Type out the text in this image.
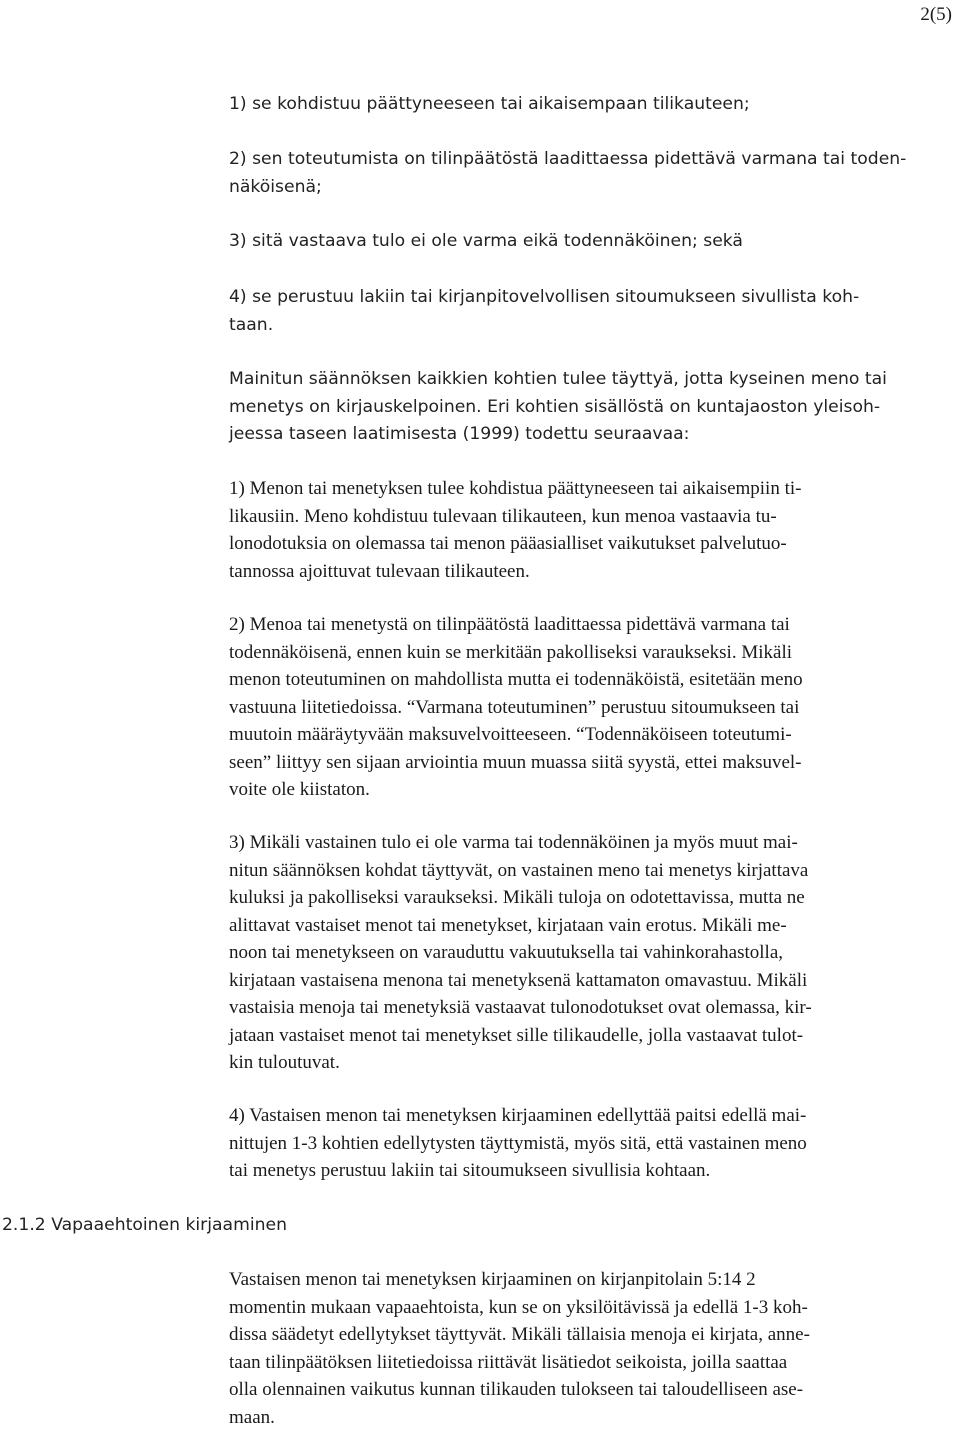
2(5)

1) se kohdistuu päättyneeseen tai aikaisempaan tilikauteen;

2) sen toteutumista on tilinpäätöstä laadittaessa pidettävä varmana tai toden-
näköisenä;

3) sitä vastaava tulo ei ole varma eikä todennäköinen; sekä

4) se perustuu lakiin tai kirjanpitovelvollisen sitoumukseen sivullista koh-
taan.

Mainitun säännöksen kaikkien kohtien tulee täyttyä, jotta kyseinen meno tai
menetys on kirjauskelpoinen. Eri kohtien sisällöstä on kuntajaoston yleisoh-
jeessa taseen laatimisesta (1999) todettu seuraavaa:

1) Menon tai menetyksen tulee kohdistua päättyneeseen tai aikaisempiin ti-
likausiin. Meno kohdistuu tulevaan tilikauteen, kun menoa vastaavia tu-
lonodotuksia on olemassa tai menon pääasialliset vaikutukset palvelutuo-
tannossa ajoittuvat tulevaan tilikauteen.

2) Menoa tai menetystä on tilinpäätöstä laadittaessa pidettävä varmana tai
todennäköisenä, ennen kuin se merkitään pakolliseksi varaukseksi. Mikäli
menon toteutuminen on mahdollista mutta ei todennäköistä, esitetään meno
vastuuna liitetiedoissa. “Varmana toteutuminen” perustuu sitoumukseen tai
muutoin määräytyvään maksuvelvoitteeseen. “Todennäköiseen toteutumi-
seen” liittyy sen sijaan arviointia muun muassa siitä syystä, ettei maksuvel-
voite ole kiistaton.

3) Mikäli vastainen tulo ei ole varma tai todennäköinen ja myös muut mai-
nitun säännöksen kohdat täyttyvät, on vastainen meno tai menetys kirjattava
kuluksi ja pakolliseksi varaukseksi. Mikäli tuloja on odotettavissa, mutta ne
alittavat vastaiset menot tai menetykset, kirjataan vain erotus. Mikäli me-
noon tai menetykseen on varauduttu vakuutuksella tai vahinkorahastolla,
kirjataan vastaisena menona tai menetyksenä kattamaton omavastuu. Mikäli
vastaisia menoja tai menetyksiä vastaavat tulonodotukset ovat olemassa, kir-
jataan vastaiset menot tai menetykset sille tilikaudelle, jolla vastaavat tulot-
kin tuloutuvat.

4) Vastaisen menon tai menetyksen kirjaaminen edellyttää paitsi edellä mai-
nittujen 1-3 kohtien edellytysten täyttymistä, myös sitä, että vastainen meno
tai menetys perustuu lakiin tai sitoumukseen sivullisia kohtaan.

2.1.2 Vapaaehtoinen kirjaaminen

Vastaisen menon tai menetyksen kirjaaminen on kirjanpitolain 5:14 2
momentin mukaan vapaaehtoista, kun se on yksilöitävissä ja edellä 1-3 koh-
dissa säädetyt edellytykset täyttyvät. Mikäli tällaisia menoja ei kirjata, anne-
taan tilinpäätöksen liitetiedoissa riittävät lisätiedot seikoista, joilla saattaa
olla olennainen vaikutus kunnan tilikauden tulokseen tai taloudelliseen ase-
maan.
